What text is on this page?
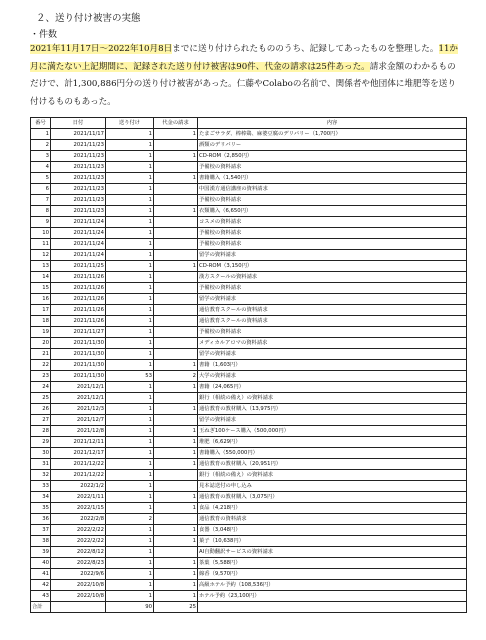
２、送り付け被害の実態
・件数
2021年11月17日〜2022年10月8日までに送り付けられたもののうち、記録してあったものを整理した。11か月に満たない上記期間に、記録された送り付け被害は90件、代金の請求は25件あった。請求金額のわかるものだけで、計1,300,886円分の送り付け被害があった。仁藤やColaboの名前で、関係者や他団体に堆肥等を送り付けるものもあった。
番号	日付	送り付け	代金の請求	内容
1	2021/11/17	1	1	たまごサラダ、棒棒鶏、麻婆豆腐のデリバリー（1,700円）
2	2021/11/23	1		酒類のデリバリー
3	2021/11/23	1	1	CD-ROM（2,850円）
4	2021/11/23	1		予備校の資料請求
5	2021/11/23	1	1	書籍購入（1,540円）
6	2021/11/23	1		中国漢方通信講座の資料請求
7	2021/11/23	1		予備校の資料請求
8	2021/11/23	1	1	衣類購入（6,650円）
9	2021/11/24	1		コスメの資料請求
10	2021/11/24	1		予備校の資料請求
11	2021/11/24	1		予備校の資料請求
12	2021/11/24	1		留学の資料請求
13	2021/11/25	1	1	CD-ROM（3,150円）
14	2021/11/26	1		漢方スクールの資料請求
15	2021/11/26	1		予備校の資料請求
16	2021/11/26	1		留学の資料請求
17	2021/11/26	1		通信教育スクールの資料請求
18	2021/11/26	1		通信教育スクールの資料請求
19	2021/11/27	1		予備校の資料請求
20	2021/11/30	1		メディカルアロマの資料請求
21	2021/11/30	1		留学の資料請求
22	2021/11/30	1	1	書籍（1,603円）
23	2021/11/30	53	2	大学の資料請求
24	2021/12/1	1	1	書籍（24,065円）
25	2021/12/1	1		銀行（相続の備え）の資料請求
26	2021/12/3	1	1	通信教育の教材購入（13,975円）
27	2021/12/7	1		留学の資料請求
28	2021/12/8	1	1	玉ねぎ100ケース購入（500,000円）
29	2021/12/11	1	1	堆肥（6,629円）
30	2021/12/17	1	1	書籍購入（550,000円）
31	2021/12/22	1	1	通信教育の教材購入（20,951円）
32	2021/12/22	1		銀行（相続の備え）の資料請求
33	2022/1/2	1		見本誌送付の申し込み
34	2022/1/11	1	1	通信教育の教材購入（3,075円）
35	2022/1/15	1	1	食品（4,218円）
36	2022/2/8	2		通信教育の資料請求
37	2022/2/22	1	1	食器（3,048円）
38	2022/2/22	1	1	菓子（10,638円）
39	2022/8/12	1		AI自動翻訳サービスの資料請求
40	2022/8/23	1	1	茶葉（5,588円）
41	2022/9/6	1	1	線香（9,570円）
42	2022/10/8	1	1	高級ホテル予約（108,536円）
43	2022/10/8	1	1	ホテル予約（23,100円）
合計		90	25	
